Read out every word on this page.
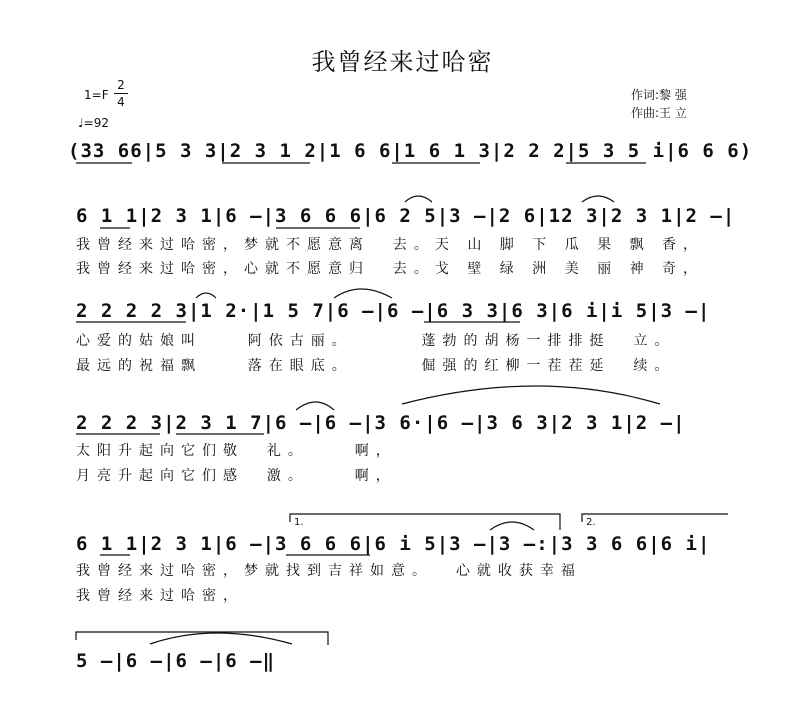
我曾经来过哈密
1=F
2
4
♩=92
作词:黎 强
作曲:王 立
(33 66|5 3 3|2 3 1 2|1 6 6|1 6 1 3|2 2 2|5 3 5 i|6 6 6)
6 1 1|2 3 1|6 –|3 6 6 6|6 2 5|3 –|2 6|12 3|2 3 1|2 –|
我曾经来过哈密，梦就不愿意离  去。天 山 脚 下 瓜 果 飘 香，
我曾经来过哈密，心就不愿意归  去。戈 壁 绿 洲 美 丽 神 奇，
2 2 2 2 3|1 2·|1 5 7|6 –|6 –|6 3 3|6 3|6 i|i 5|3 –|
心爱的姑娘叫    阿依古丽。      蓬勃的胡杨一排排挺  立。
最远的祝福飘    落在眼底。      倔强的红柳一茬茬延  续。
2 2 2 3|2 3 1 7|6 –|6 –|3 6·|6 –|3 6 3|2 3 1|2 –|
太阳升起向它们敬  礼。    啊，
月亮升起向它们感  激。    啊，
1.	2.
6 1 1|2 3 1|6 –|3 6 6 6|6 i 5|3 –|3 –:|3 3 6 6|6 i|
我曾经来过哈密，梦就找到吉祥如意。  心就收获幸福
我曾经来过哈密，
5 –|6 –|6 –|6 –‖
